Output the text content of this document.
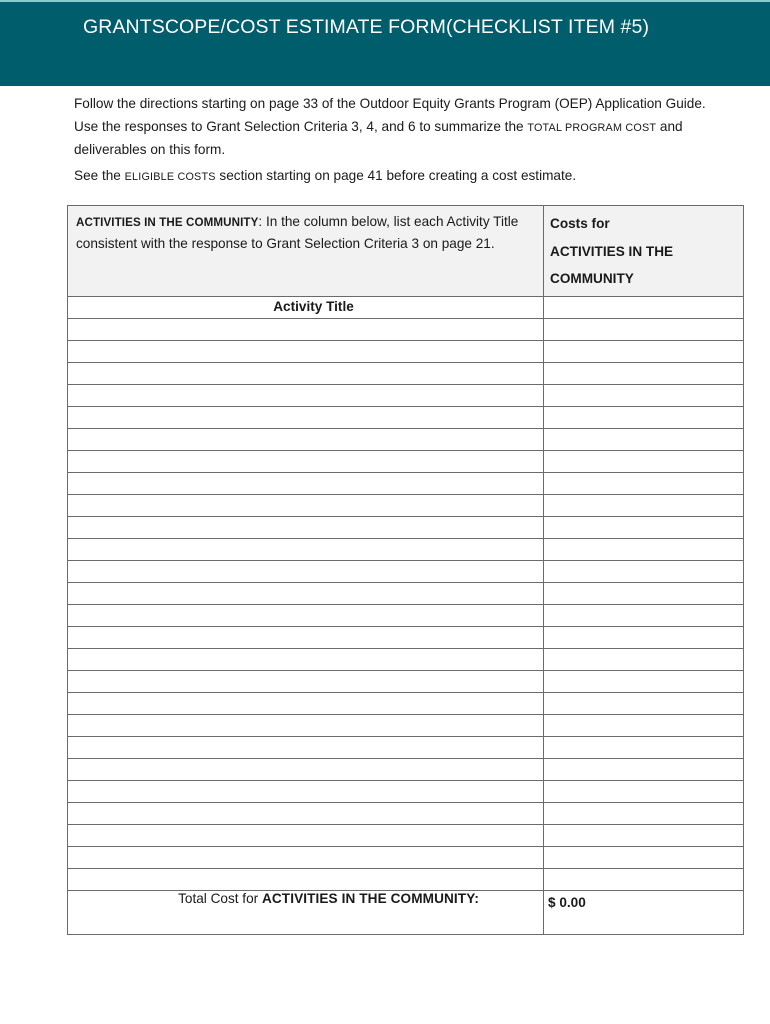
GRANTSCOPE/COST ESTIMATE FORM(CHECKLIST ITEM #5)

Follow the directions starting on page 33 of the Outdoor Equity Grants Program (OEP) Application Guide. Use the responses to Grant Selection Criteria 3, 4, and 6 to summarize the TOTAL PROGRAM COST and deliverables on this form.

See the ELIGIBLE COSTS section starting on page 41 before creating a cost estimate.

ACTIVITIES IN THE COMMUNITY: In the column below, list each Activity Title consistent with the response to Grant Selection Criteria 3 on page 21.	Costs for
ACTIVITIES IN THE COMMUNITY

Activity Title	

Total Cost for ACTIVITIES IN THE COMMUNITY:	$ 0.00
